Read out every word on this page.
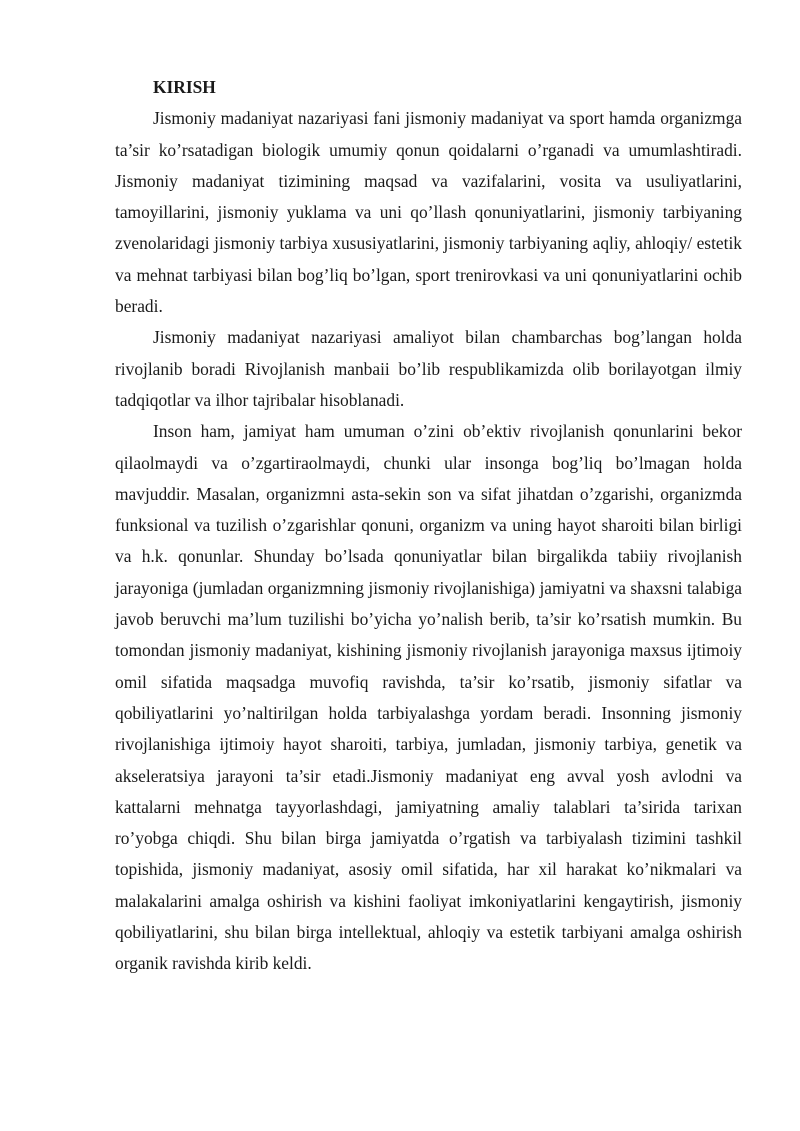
KIRISH

Jismoniy madaniyat nazariyasi fani jismoniy madaniyat va sport hamda organizmga ta’sir ko’rsatadigan biologik umumiy qonun qoidalarni o’rganadi va umumlashtiradi. Jismoniy madaniyat tizimining maqsad va vazifalarini, vosita va usuliyatlarini, tamoyillarini, jismoniy yuklama va uni qo’llash qonuniyatlarini, jismoniy tarbiyaning zvenolaridagi jismoniy tarbiya xususiyatlarini, jismoniy tarbiyaning aqliy, ahloqiy/ estetik va mehnat tarbiyasi bilan bog’liq bo’lgan, sport trenirovkasi va uni qonuniyatlarini ochib beradi.

Jismoniy madaniyat nazariyasi amaliyot bilan chambarchas bog’langan holda rivojlanib boradi Rivojlanish manbaii bo’lib respublikamizda olib borilayotgan ilmiy tadqiqotlar va ilhor tajribalar hisoblanadi.

Inson ham, jamiyat ham umuman o’zini ob’ektiv rivojlanish qonunlarini bekor qilaolmaydi va o’zgartiraolmaydi, chunki ular insonga bog’liq bo’lmagan holda mavjuddir. Masalan, organizmni asta-sekin son va sifat jihatdan o’zgarishi, organizmda funksional va tuzilish o’zgarishlar qonuni, organizm va uning hayot sharoiti bilan birligi va h.k. qonunlar. Shunday bo’lsada qonuniyatlar bilan birgalikda tabiiy rivojlanish jarayoniga (jumladan organizmning jismoniy rivojlanishiga) jamiyatni va shaxsni talabiga javob beruvchi ma’lum tuzilishi bo’yicha yo’nalish berib, ta’sir ko’rsatish mumkin. Bu tomondan jismoniy madaniyat, kishining jismoniy rivojlanish jarayoniga maxsus ijtimoiy omil sifatida maqsadga muvofiq ravishda, ta’sir ko’rsatib, jismoniy sifatlar va qobiliyatlarini yo’naltirilgan holda tarbiyalashga yordam beradi. Insonning jismoniy rivojlanishiga ijtimoiy hayot sharoiti, tarbiya, jumladan, jismoniy tarbiya, genetik va akseleratsiya jarayoni ta’sir etadi.Jismoniy madaniyat eng avval yosh avlodni va kattalarni mehnatga tayyorlashdagi, jamiyatning amaliy talablari ta’sirida tarixan ro’yobga chiqdi. Shu bilan birga jamiyatda o’rgatish va tarbiyalash tizimini tashkil topishida, jismoniy madaniyat, asosiy omil sifatida, har xil harakat ko’nikmalari va malakalarini amalga oshirish va kishini faoliyat imkoniyatlarini kengaytirish, jismoniy qobiliyatlarini, shu bilan birga intellektual, ahloqiy va estetik tarbiyani amalga oshirish organik ravishda kirib keldi.
